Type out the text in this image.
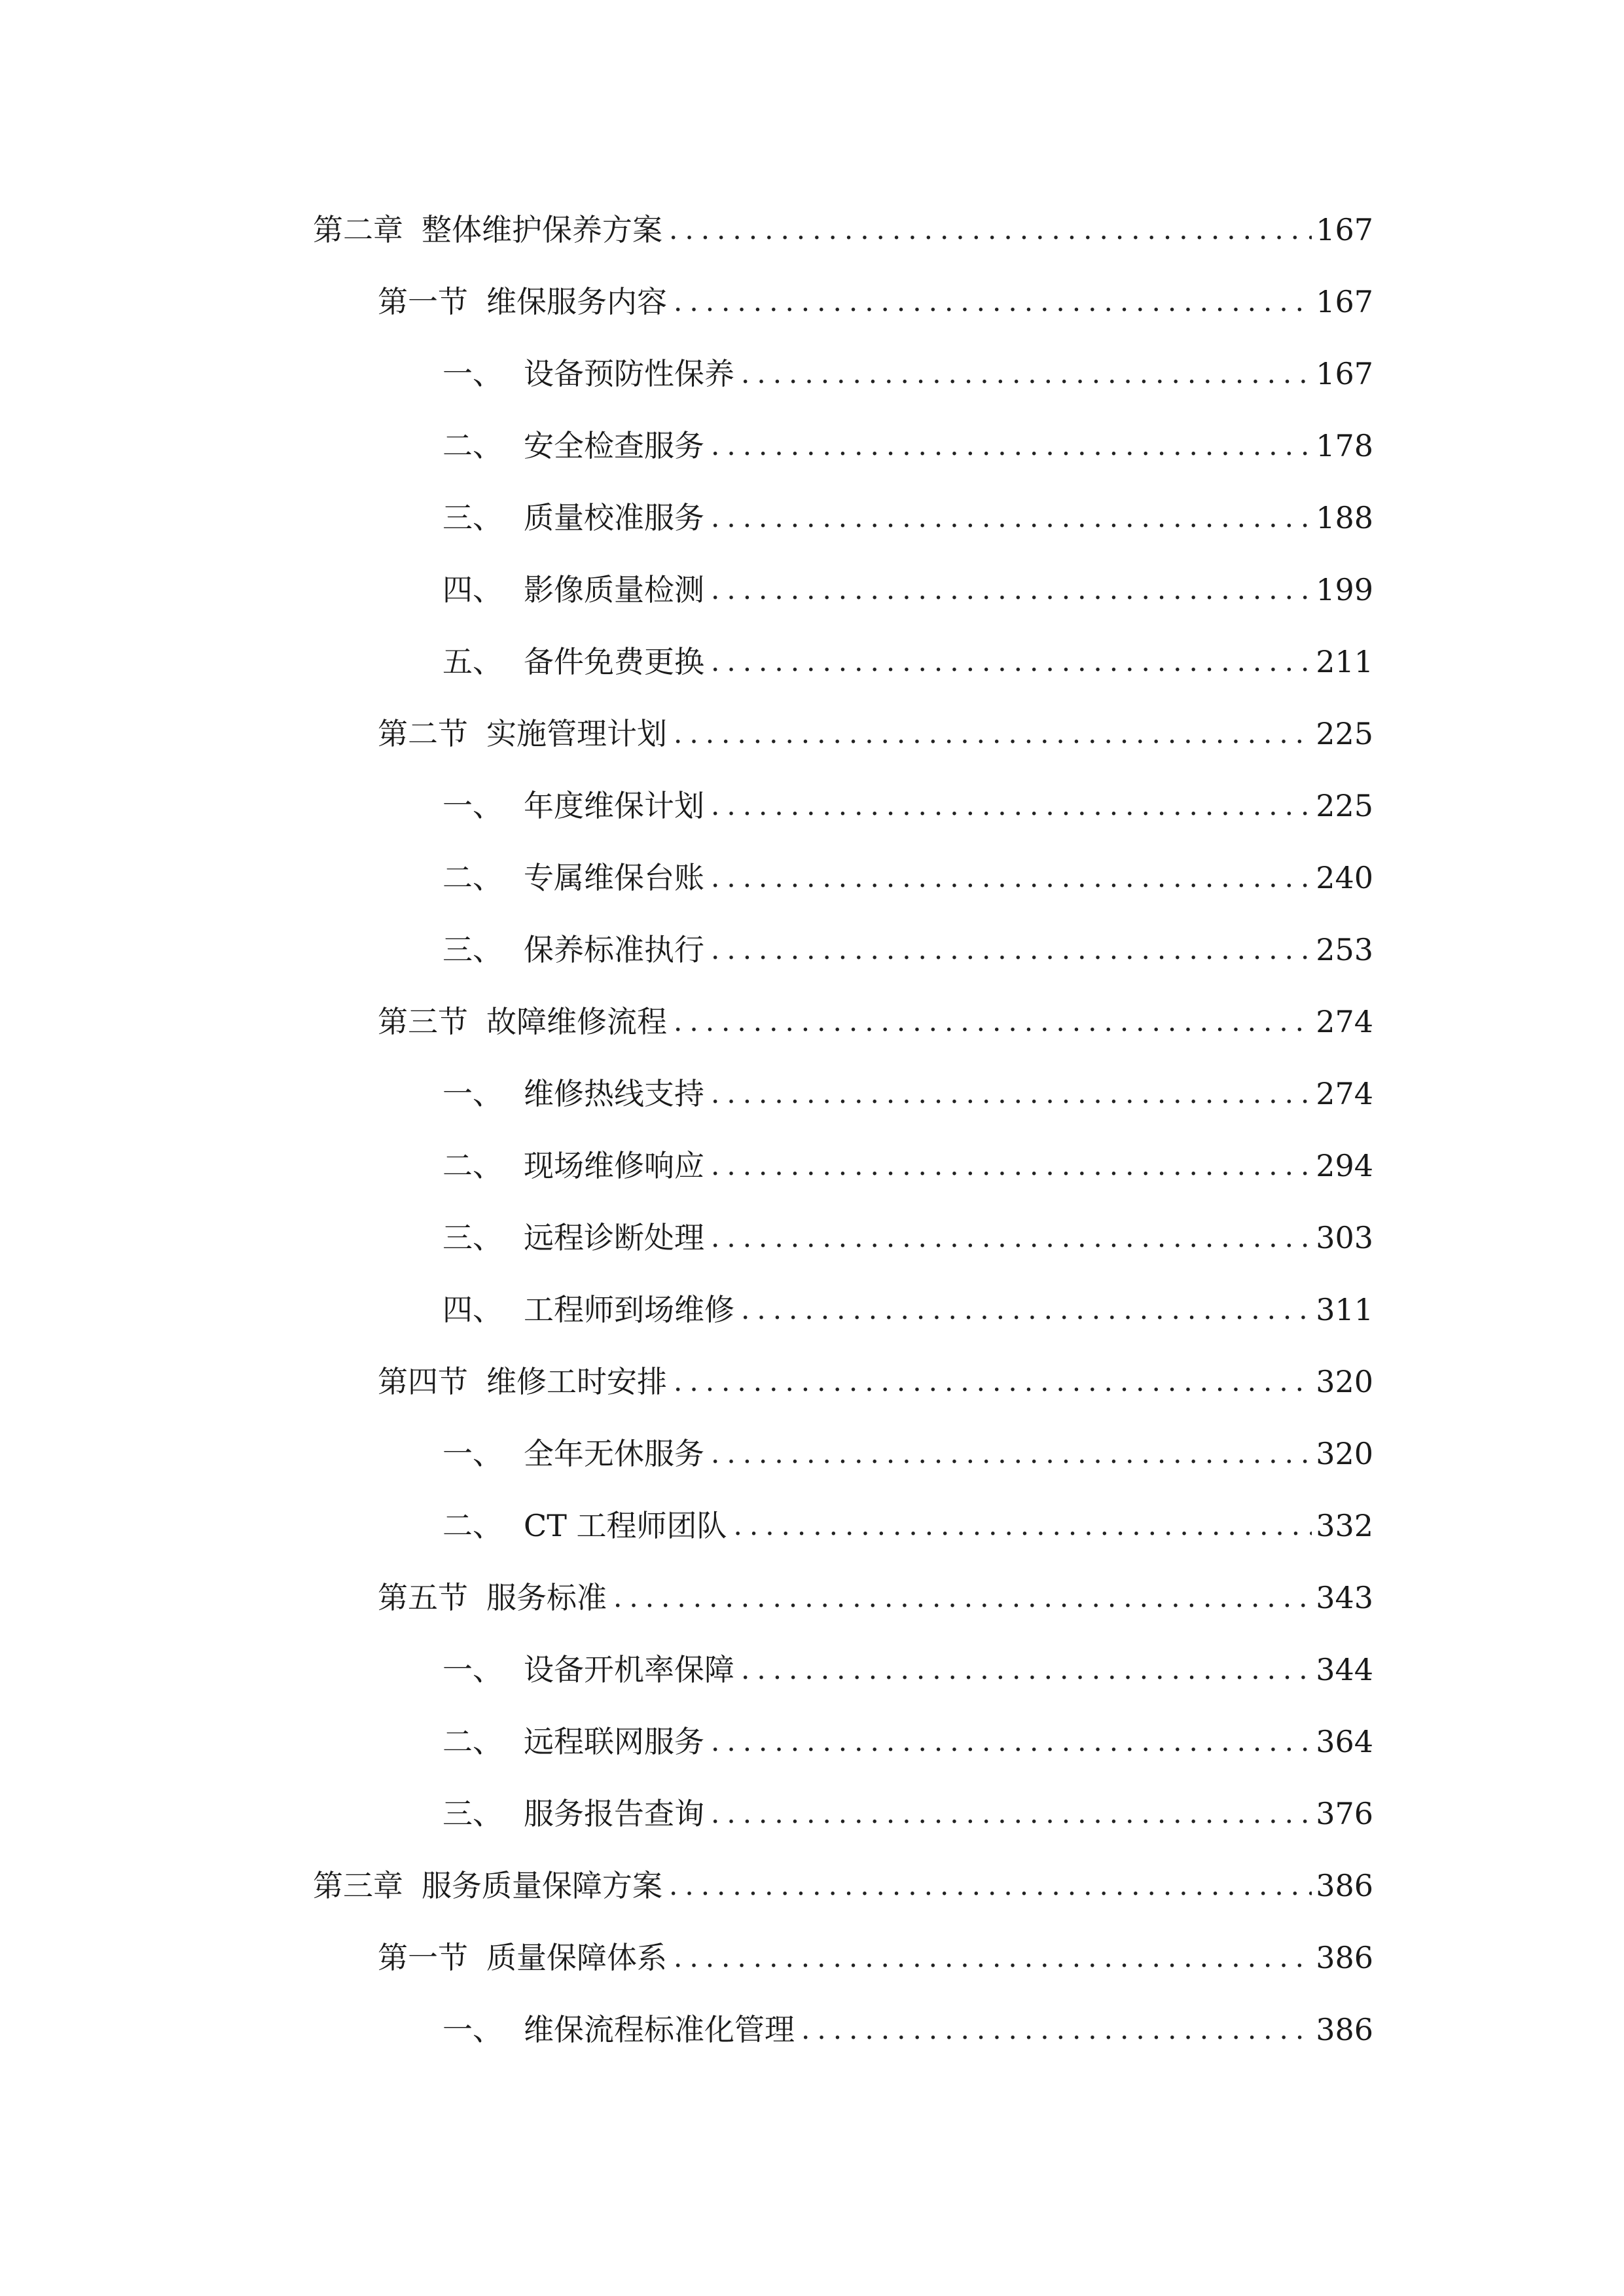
第二章 整体维护保养方案 .....	167
第一节 维保服务内容 .....	167
一、 设备预防性保养 .....	167
二、 安全检查服务 .....	178
三、 质量校准服务 .....	188
四、 影像质量检测 .....	199
五、 备件免费更换 .....	211
第二节 实施管理计划 .....	225
一、 年度维保计划 .....	225
二、 专属维保台账 .....	240
三、 保养标准执行 .....	253
第三节 故障维修流程 .....	274
一、 维修热线支持 .....	274
二、 现场维修响应 .....	294
三、 远程诊断处理 .....	303
四、 工程师到场维修 .....	311
第四节 维修工时安排 .....	320
一、 全年无休服务 .....	320
二、 CT 工程师团队 .....	332
第五节 服务标准 .....	343
一、 设备开机率保障 .....	344
二、 远程联网服务 .....	364
三、 服务报告查询 .....	376
第三章 服务质量保障方案 .....	386
第一节 质量保障体系 .....	386
一、 维保流程标准化管理 .....	386
